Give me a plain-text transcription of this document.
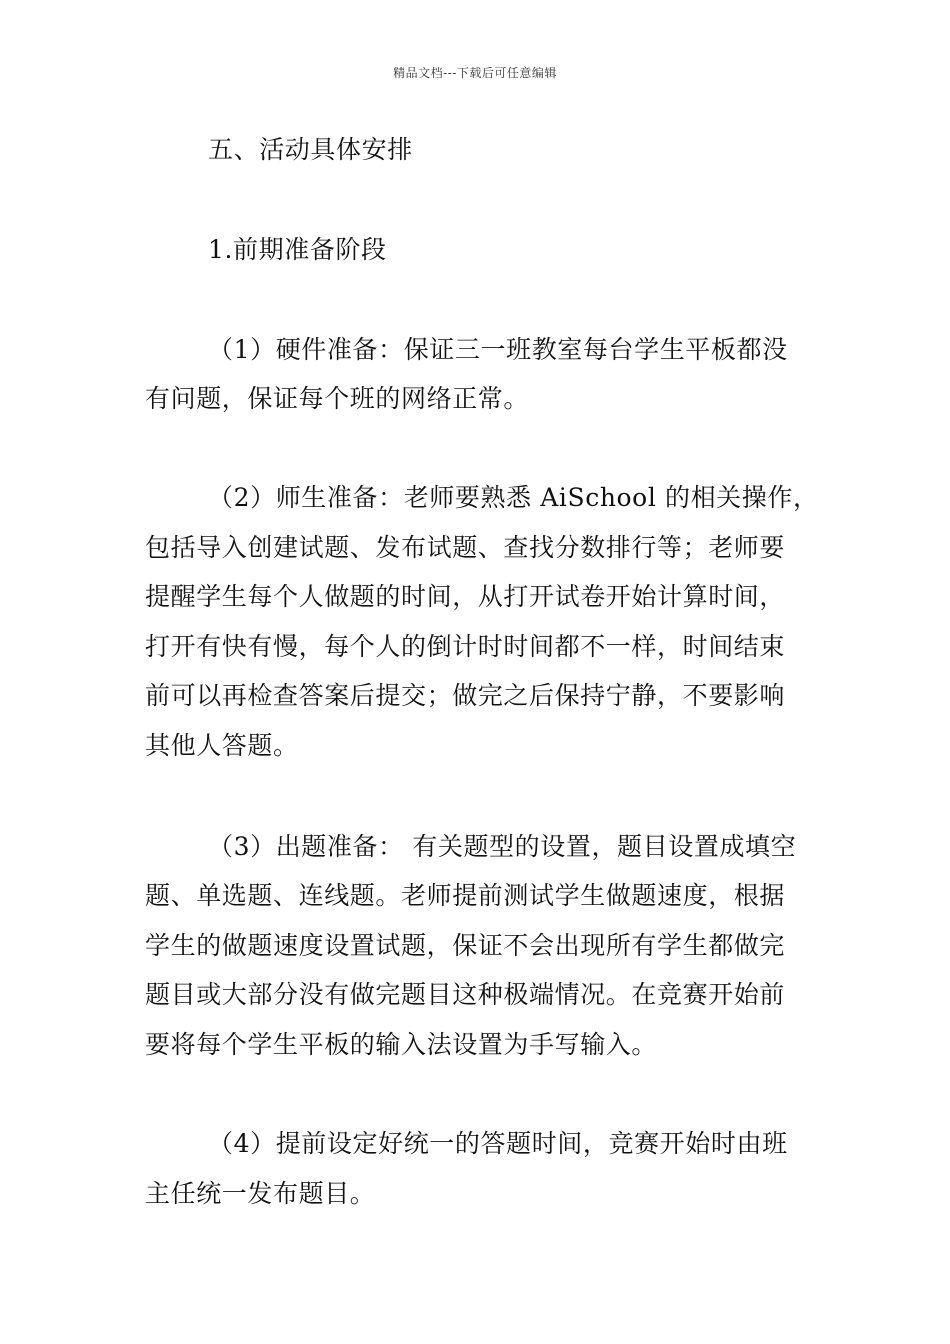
精品文档---下载后可任意编辑
五、活动具体安排
1.前期准备阶段
（1）硬件准备：保证三一班教室每台学生平板都没
有问题，保证每个班的网络正常。
（2）师生准备：老师要熟悉 AiSchool 的相关操作，
包括导入创建试题、发布试题、查找分数排行等；老师要
提醒学生每个人做题的时间，从打开试卷开始计算时间，
打开有快有慢，每个人的倒计时时间都不一样，时间结束
前可以再检查答案后提交；做完之后保持宁静，不要影响
其他人答题。
（3）出题准备： 有关题型的设置，题目设置成填空
题、单选题、连线题。老师提前测试学生做题速度，根据
学生的做题速度设置试题，保证不会出现所有学生都做完
题目或大部分没有做完题目这种极端情况。在竞赛开始前
要将每个学生平板的输入法设置为手写输入。
（4）提前设定好统一的答题时间，竞赛开始时由班
主任统一发布题目。
